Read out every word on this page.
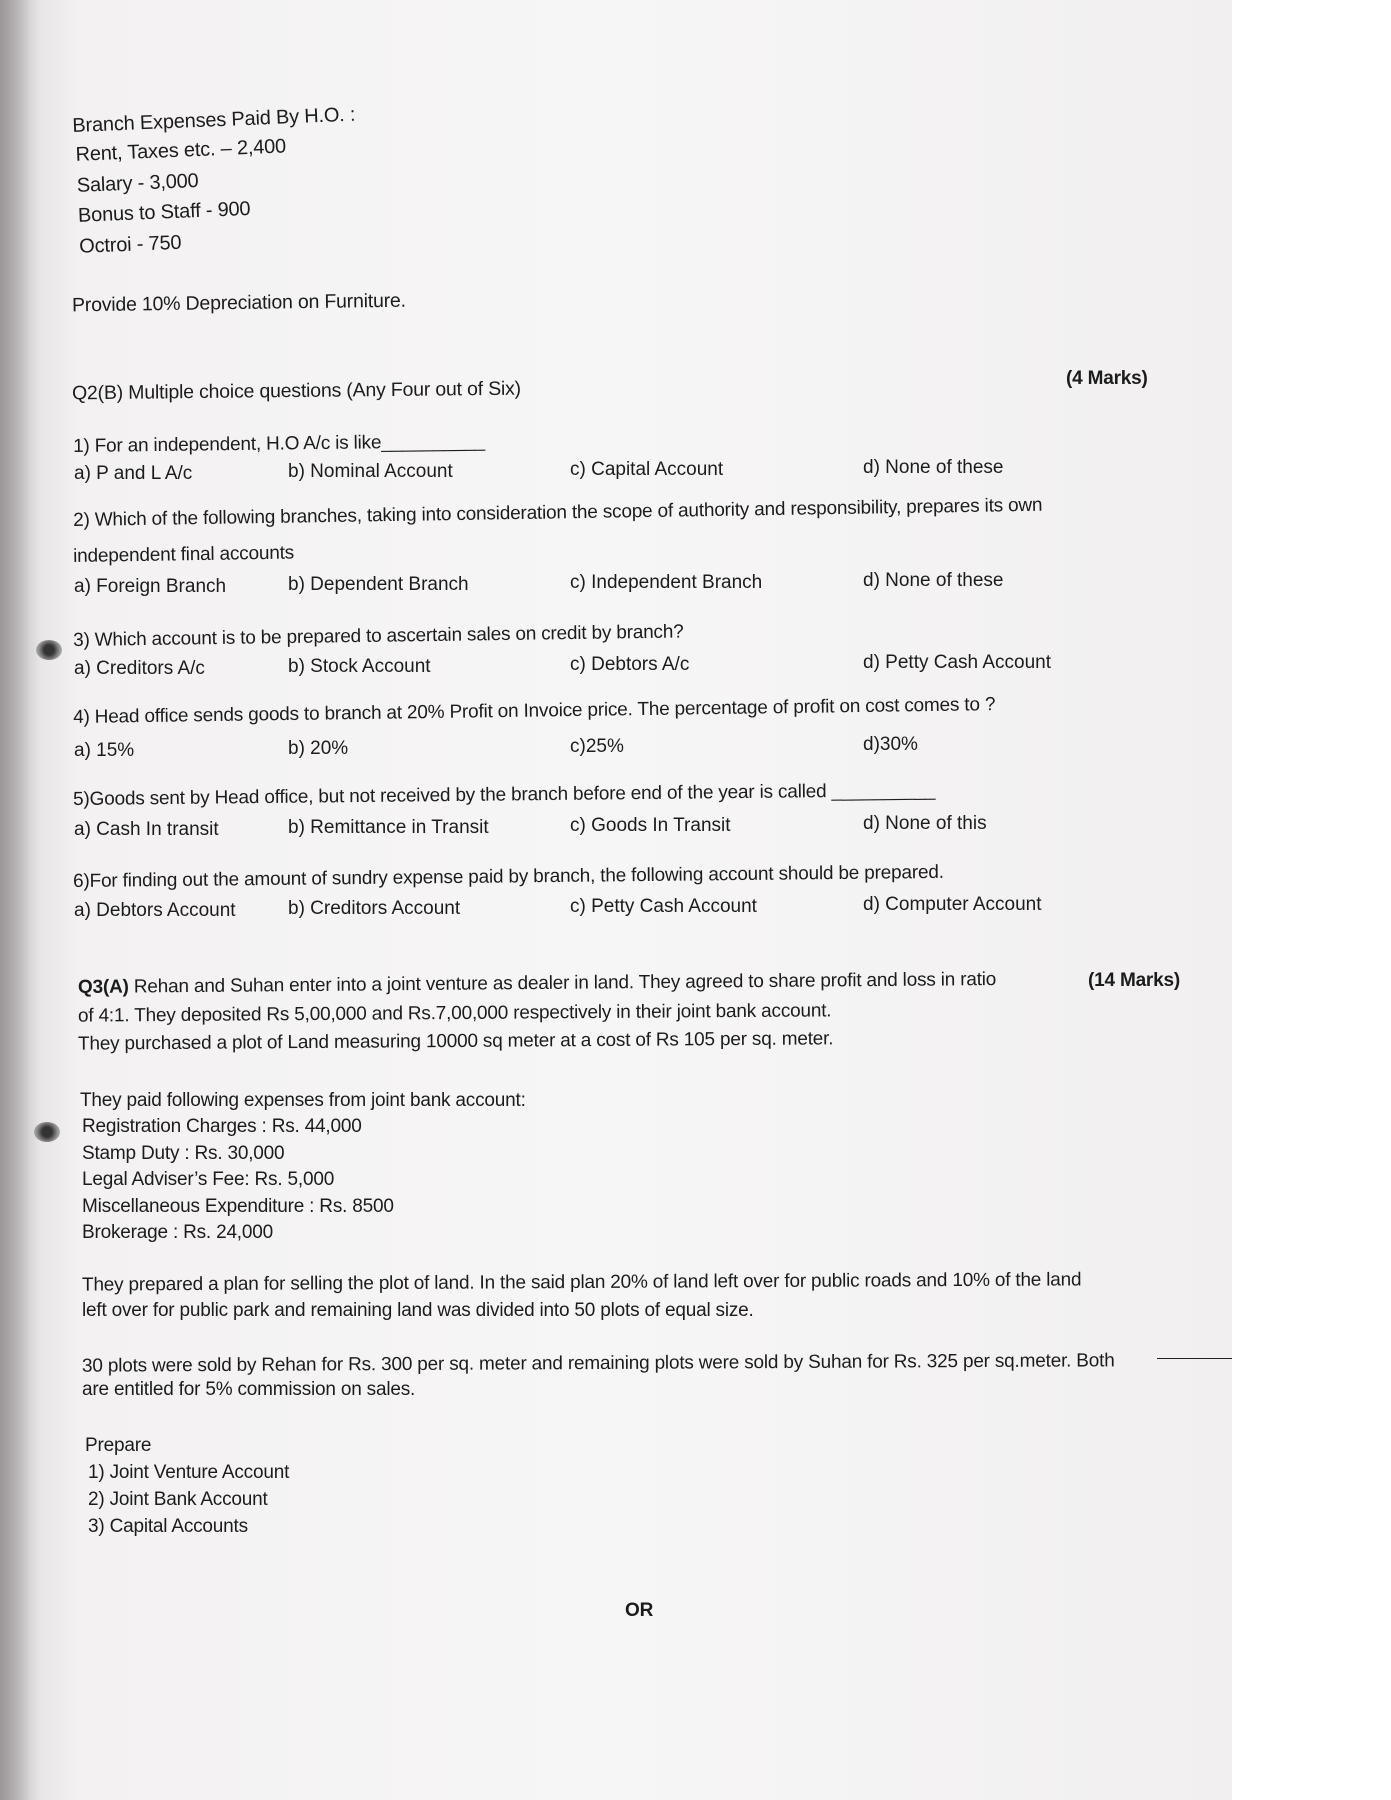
Branch Expenses Paid By H.O. :
Rent, Taxes etc. – 2,400
Salary - 3,000
Bonus to Staff - 900
Octroi - 750
Provide 10% Depreciation on Furniture.
Q2(B) Multiple choice questions (Any Four out of Six)	(4 Marks)
1) For an independent, H.O A/c is like__________
a) P and L A/c	b) Nominal Account	c) Capital Account	d) None of these
2) Which of the following branches, taking into consideration the scope of authority and responsibility, prepares its own
independent final accounts
a) Foreign Branch	b) Dependent Branch	c) Independent Branch	d) None of these
3) Which account is to be prepared to ascertain sales on credit by branch?
a) Creditors A/c	b) Stock Account	c) Debtors A/c	d) Petty Cash Account
4) Head office sends goods to branch at 20% Profit on Invoice price. The percentage of profit on cost comes to ?
a) 15%	b) 20%	c)25%	d)30%
5)Goods sent by Head office, but not received by the branch before end of the year is called __________
a) Cash In transit	b) Remittance in Transit	c) Goods In Transit	d) None of this
6)For finding out the amount of sundry expense paid by branch, the following account should be prepared.
a) Debtors Account	b) Creditors Account	c) Petty Cash Account	d) Computer Account
Q3(A) Rehan and Suhan enter into a joint venture as dealer in land. They agreed to share profit and loss in ratio	(14 Marks)
of 4:1. They deposited Rs 5,00,000 and Rs.7,00,000 respectively in their joint bank account.
They purchased a plot of Land measuring 10000 sq meter at a cost of Rs 105 per sq. meter.
They paid following expenses from joint bank account:
Registration Charges : Rs. 44,000
Stamp Duty : Rs. 30,000
Legal Adviser’s Fee: Rs. 5,000
Miscellaneous Expenditure : Rs. 8500
Brokerage : Rs. 24,000
They prepared a plan for selling the plot of land. In the said plan 20% of land left over for public roads and 10% of the land
left over for public park and remaining land was divided into 50 plots of equal size.
30 plots were sold by Rehan for Rs. 300 per sq. meter and remaining plots were sold by Suhan for Rs. 325 per sq.meter. Both
are entitled for 5% commission on sales.
Prepare
1) Joint Venture Account
2) Joint Bank Account
3) Capital Accounts
OR
